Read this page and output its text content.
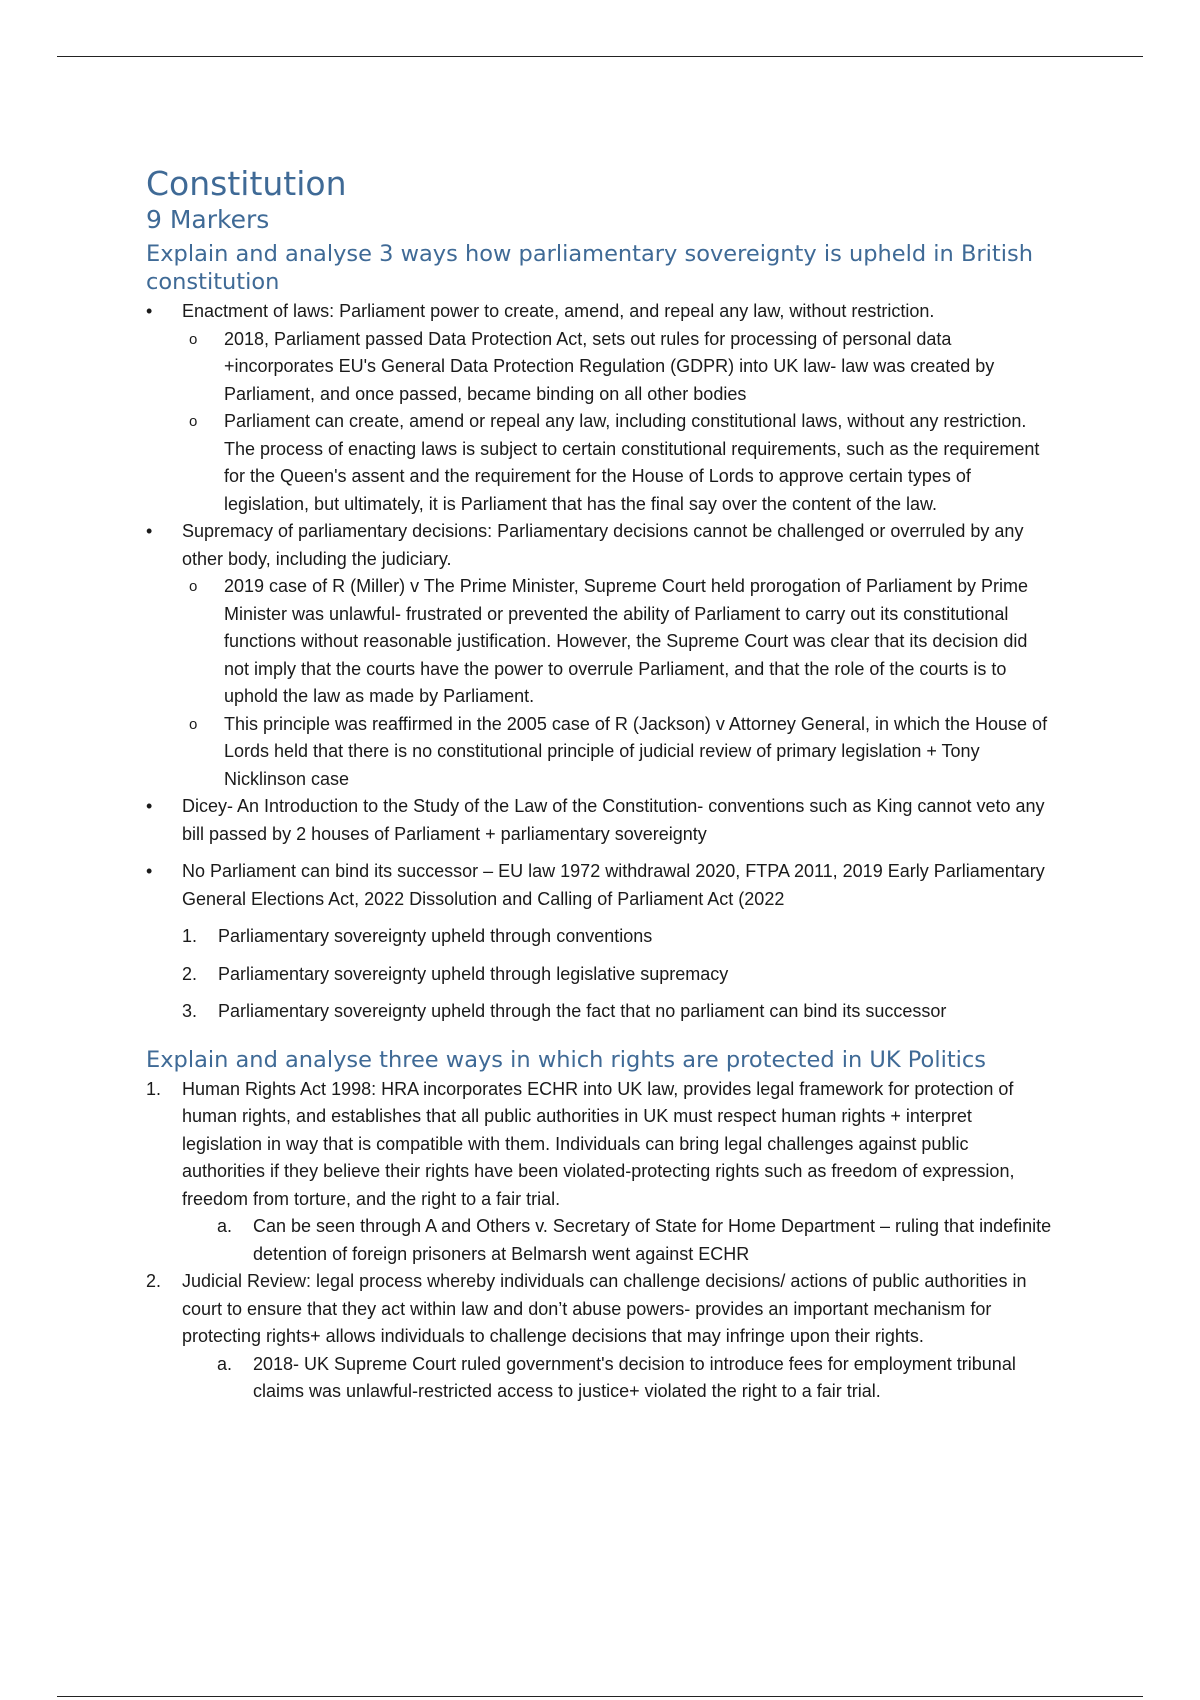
Constitution
9 Markers
Explain and analyse 3 ways how parliamentary sovereignty is upheld in British constitution

• Enactment of laws: Parliament power to create, amend, and repeal any law, without restriction.

o 2018, Parliament passed Data Protection Act, sets out rules for processing of personal data +incorporates EU's General Data Protection Regulation (GDPR) into UK law- law was created by Parliament, and once passed, became binding on all other bodies

o Parliament can create, amend or repeal any law, including constitutional laws, without any restriction. The process of enacting laws is subject to certain constitutional requirements, such as the requirement for the Queen's assent and the requirement for the House of Lords to approve certain types of legislation, but ultimately, it is Parliament that has the final say over the content of the law.

• Supremacy of parliamentary decisions: Parliamentary decisions cannot be challenged or overruled by any other body, including the judiciary.

o 2019 case of R (Miller) v The Prime Minister, Supreme Court held prorogation of Parliament by Prime Minister was unlawful- frustrated or prevented the ability of Parliament to carry out its constitutional functions without reasonable justification. However, the Supreme Court was clear that its decision did not imply that the courts have the power to overrule Parliament, and that the role of the courts is to uphold the law as made by Parliament.

o This principle was reaffirmed in the 2005 case of R (Jackson) v Attorney General, in which the House of Lords held that there is no constitutional principle of judicial review of primary legislation + Tony Nicklinson case

• Dicey- An Introduction to the Study of the Law of the Constitution- conventions such as King cannot veto any bill passed by 2 houses of Parliament + parliamentary sovereignty

• No Parliament can bind its successor – EU law 1972 withdrawal 2020, FTPA 2011, 2019 Early Parliamentary General Elections Act, 2022 Dissolution and Calling of Parliament Act (2022

1. Parliamentary sovereignty upheld through conventions

2. Parliamentary sovereignty upheld through legislative supremacy

3. Parliamentary sovereignty upheld through the fact that no parliament can bind its successor

Explain and analyse three ways in which rights are protected in UK Politics

1. Human Rights Act 1998: HRA incorporates ECHR into UK law, provides legal framework for protection of human rights, and establishes that all public authorities in UK must respect human rights + interpret legislation in way that is compatible with them. Individuals can bring legal challenges against public authorities if they believe their rights have been violated-protecting rights such as freedom of expression, freedom from torture, and the right to a fair trial.

a. Can be seen through A and Others v. Secretary of State for Home Department – ruling that indefinite detention of foreign prisoners at Belmarsh went against ECHR

2. Judicial Review: legal process whereby individuals can challenge decisions/ actions of public authorities in court to ensure that they act within law and don’t abuse powers- provides an important mechanism for protecting rights+ allows individuals to challenge decisions that may infringe upon their rights.

a. 2018- UK Supreme Court ruled government's decision to introduce fees for employment tribunal claims was unlawful-restricted access to justice+ violated the right to a fair trial.
